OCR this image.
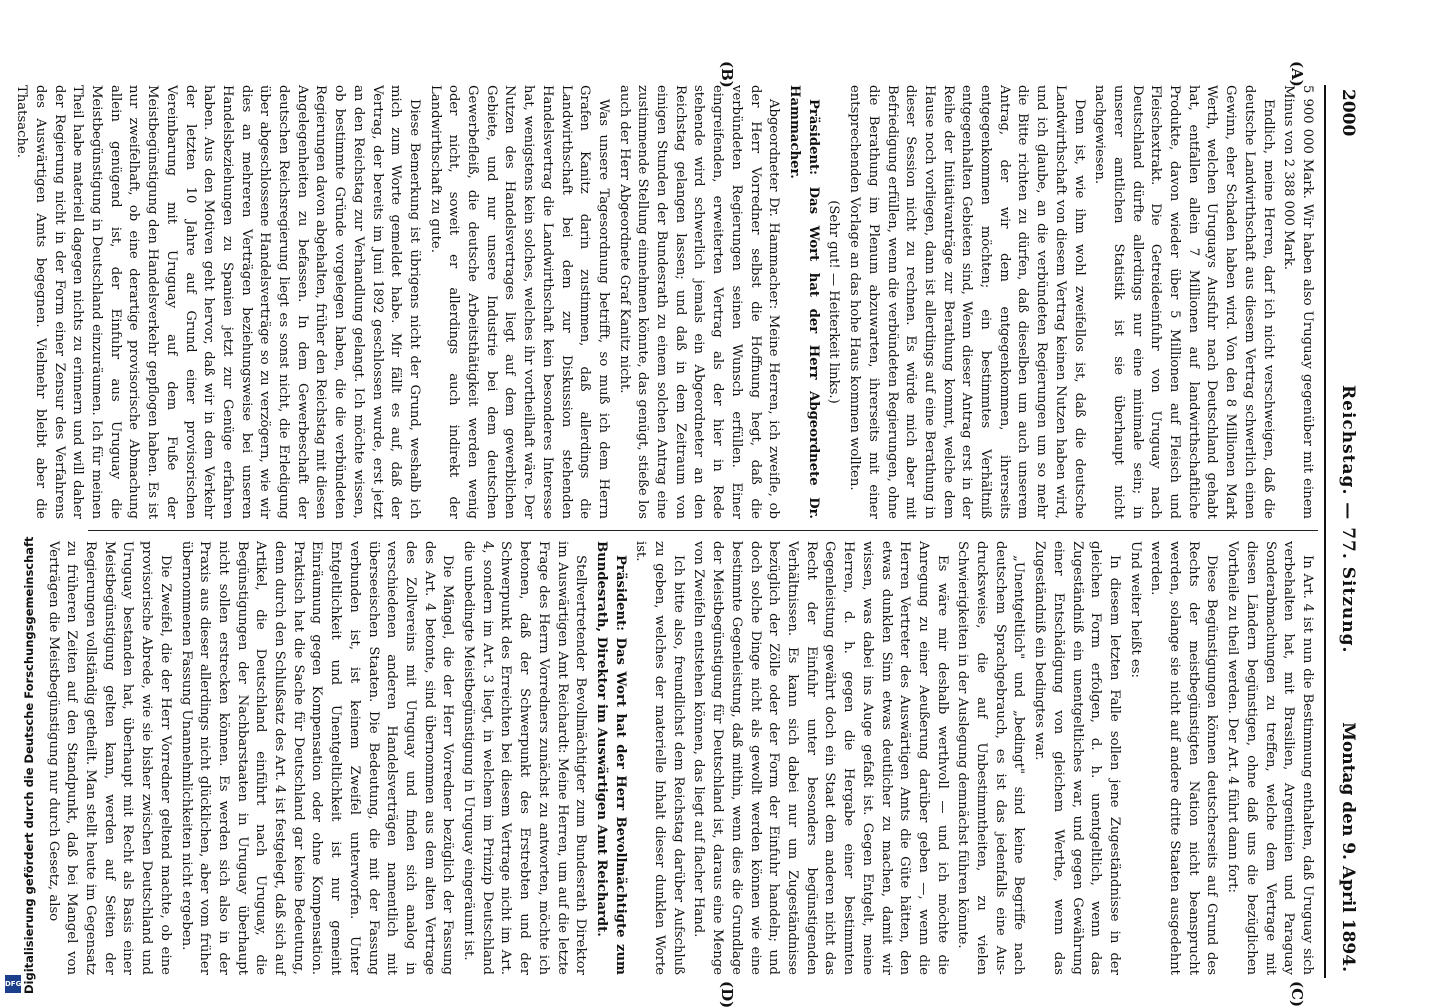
DFG Digitalisierung gefördert durch die Deutsche Forschungsgemeinschaft
2000
Reichstag. — 77. Sitzung.
Montag den 9. April 1894.
(A)
(B)
(C)
(D)

5 900 000 Mark. Wir haben also Uruguay gegenüber mit einem Minus von 2 388 000 Mark.

Endlich, meine Herren, darf ich nicht verschweigen, daß die deutsche Landwirthschaft aus diesem Vertrag schwerlich einen Gewinn, eher Schaden haben wird. Von den 8 Millionen Mark Werth, welchen Uruguays Ausfuhr nach Deutschland gehabt hat, entfallen allein 7 Millionen auf landwirthschaftliche Produkte, davon wieder über 5 Millionen auf Fleisch und Fleischextrakt. Die Getreideeinfuhr von Uruguay nach Deutschland dürfte allerdings nur eine minimale sein; in unserer amtlichen Statistik ist sie überhaupt nicht nachgewiesen.

Denn ist, wie ihm wohl zweifellos ist, daß die deutsche Landwirthschaft von diesem Vertrag keinen Nutzen haben wird, und ich glaube, an die verbündeten Regierungen um so mehr die Bitte richten zu dürfen, daß dieselben um auch unserem Antrag, der wir dem entgegenkommen, ihrerseits entgegenkommen möchten; ein bestimmtes Verhältniß entgegenhalten Gebieten sind, Wenn dieser Antrag erst in der Reihe der Initiativanträge zur Berathung kommt, welche dem Hause noch vorliegen, dann ist allerdings auf eine Berathung in dieser Session nicht zu rechnen. Es würde mich aber mit Befriedigung erfüllen, wenn die verbündeten Regierungen, ohne die Berathung im Plenum abzuwarten, ihrerseits mit einer entsprechenden Vorlage an das hohe Haus kommen wollten.

(Sehr gut! — Heiterkeit links.)

Präsident: Das Wort hat der Herr Abgeordnete Dr. Hammacher.

Abgeordneter Dr. Hammacher: Meine Herren, ich zweifle, ob der Herr Vorredner selbst die Hoffnung hegt, daß die verbündeten Regierungen seinen Wunsch erfüllen. Einer eingreifenden, erweiterten Vertrag als der hier in Rede stehende wird schwerlich jemals ein Abgeordneter an den Reichstag gelangen lassen; und daß in dem Zeitraum von einigen Stunden der Bundesrath zu einem solchen Antrag eine zustimmende Stellung einnehmen könnte, das genügt, stieße los auch der Herr Abgeordnete Graf Kanitz nicht.

Was unsere Tagesordnung betrifft, so muß ich dem Herrn Grafen Kanitz darin zustimmen, daß allerdings die Landwirthschaft bei dem zur Diskussion stehenden Handelsvertrag die Landwirthschaft kein besonderes Interesse hat, wenigstens kein solches, welches ihr vortheilhaft wäre. Der Nutzen des Handelsvertrages liegt auf dem gewerblichen Gebiete, und nur unsere Industrie bei dem deutschen Gewerbefleiß, die deutsche Arbeitsthätigkeit werden wenig oder nicht, soweit er allerdings auch indirekt der Landwirthschaft zu gute.

Diese Bemerkung ist übrigens nicht der Grund, weshalb ich mich zum Worte gemeldet habe. Mir fällt es auf, daß der Vertrag, der bereits im Juni 1892 geschlossen wurde, erst jetzt an den Reichstag zur Verhandlung gelangt. Ich möchte wissen, ob bestimmte Gründe vorgelegen haben, die die verbündeten Regierungen davon abgehalten, früher den Reichstag mit diesen Angelegenheiten zu befassen. In dem Gewerbeschaft der deutschen Reichsregierung liegt es sonst nicht, die Erledigung über abgeschlossene Handelsverträge so zu verzögern, wie wir dies an mehreren Verträgen beziehungsweise bei unseren Handelsbeziehungen zu Spanien jetzt zur Genüge erfahren haben. Aus den Motiven geht hervor, daß wir in dem Verkehr der letzten 10 Jahre auf Grund einer provisorischen Vereinbarung mit Uruguay auf dem Fuße der Meistbegünstigung den Handelsverkehr gepflogen haben. Es ist nur zweifelhaft, ob eine derartige provisorische Abmachung allein genügend ist, der Einfuhr aus Uruguay die Meistbegünstigung in Deutschland einzuräumen. Ich für meinen Theil habe materiell dagegen nichts zu erinnern und will daher der Regierung nicht in der Form einer Zensur des Verfahrens des Auswärtigen Amts begegnen. Vielmehr bleibt aber die Thatsache.

In Art. 4 ist nun die Bestimmung enthalten, daß Uruguay sich verbehalten hat, mit Brasilien, Argentinien und Paraguay Sonderabmachungen zu treffen, welche dem Vertrage mit diesen Ländern begünstigen, ohne daß uns die bezüglichen Vortheile zu theil werden. Der Art. 4 führt dann fort:

Diese Begünstigungen können deutscherseits auf Grund des Rechts der meistbegünstigten Nation nicht beansprucht werden, solange sie nicht auf andere dritte Staaten ausgedehnt werden.

Und weiter heißt es:

In diesem letzten Falle sollen jene Zugeständnisse in der gleichen Form erfolgen, d. h. unentgeltlich, wenn das Zugeständniß ein unentgeltliches war, und gegen Gewährung einer Entschädigung von gleichem Werthe, wenn das Zugeständniß ein bedingtes war.

„Unentgeltlich" und „bedingt" sind keine Begriffe nach deutschem Sprachgebrauch, es ist das jedenfalls eine Ausdrucksweise, die auf Unbestimmtheiten, zu vielen Schwierigkeiten in der Auslegung demnächst führen könnte.

Es wäre mir deshalb werthvoll — und ich möchte die Anregung zu einer Aeußerung darüber geben —, wenn die Herren Vertreter des Auswärtigen Amts die Güte hätten, den etwas dunklen Sinn etwas deutlicher zu machen, damit wir wissen, was dabei ins Auge gefaßt ist. Gegen Entgelt, meine Herren, d. h. gegen die Hergabe einer bestimmten Gegenleistung gewährt doch ein Staat dem anderen nicht das Recht der Einfuhr unter besonders begünstigenden Verhältnissen. Es kann sich dabei nur um Zugeständnisse bezüglich der Zölle oder der Form der Einfuhr handeln; und doch solche Dinge nicht als gewollt werden können wie eine bestimmte Gegenleistung, daß mithin, wenn dies die Grundlage der Meistbegünstigung für Deutschland ist, daraus eine Menge von Zweifeln entstehen können, das liegt auf flacher Hand.

Ich bitte also, freundlichst dem Reichstag darüber Aufschluß zu geben, welches der materielle Inhalt dieser dunklen Worte ist.

Präsident: Das Wort hat der Herr Bevollmächtigte zum Bundesrath, Direktor im Auswärtigen Amt Reichardt.

Stellvertretender Bevollmächtigter zum Bundesrath Direktor im Auswärtigen Amt Reichardt: Meine Herren, um auf die letzte Frage des Herrn Vorredners zunächst zu antworten, möchte ich betonen, daß der Schwerpunkt des Erstrebten und der Schwerpunkt des Erreichten bei diesem Vertrage nicht im Art. 4, sondern im Art. 3 liegt, in welchem im Prinzip Deutschland die unbedingte Meistbegünstigung in Uruguay eingeräumt ist.

Die Mängel, die der Herr Vorredner bezüglich der Fassung des Art. 4 betonte, sind übernommen aus dem alten Vertrage des Zollvereins mit Uruguay und finden sich analog in verschiedenen anderen Handelsverträgen namentlich mit überseeischen Staaten. Die Bedeutung, die mit der Fassung verbunden ist, ist keinem Zweifel unterworfen. Unter Entgeltlichkeit und Unentgeltlichkeit ist nur gemeint Einräumung gegen Kompensation oder ohne Kompensation. Praktisch hat die Sache für Deutschland gar keine Bedeutung, denn durch den Schlußsatz des Art. 4 ist festgelegt, daß sich auf Artikel, die Deutschland einführt nach Uruguay, die Begünstigungen der Nachbarstaaten in Uruguay überhaupt nicht sollen erstrecken können. Es werden sich also in der Praxis aus dieser allerdings nicht glücklichen, aber vom früher übernommenen Fassung Unannehmlichkeiten nicht ergeben.

Die Zweifel, die der Herr Vorredner geltend machte, ob eine provisorische Abrede, wie sie bisher zwischen Deutschland und Uruguay bestanden hat, überhaupt mit Recht als Basis einer Meistbegünstigung gelten kann, werden auf Seiten der Regierungen vollständig getheilt. Man stellt heute im Gegensatz zu früheren Zeiten auf den Standpunkt, daß bei Mangel von Verträgen die Meistbegünstigung nur durch Gesetz, also
